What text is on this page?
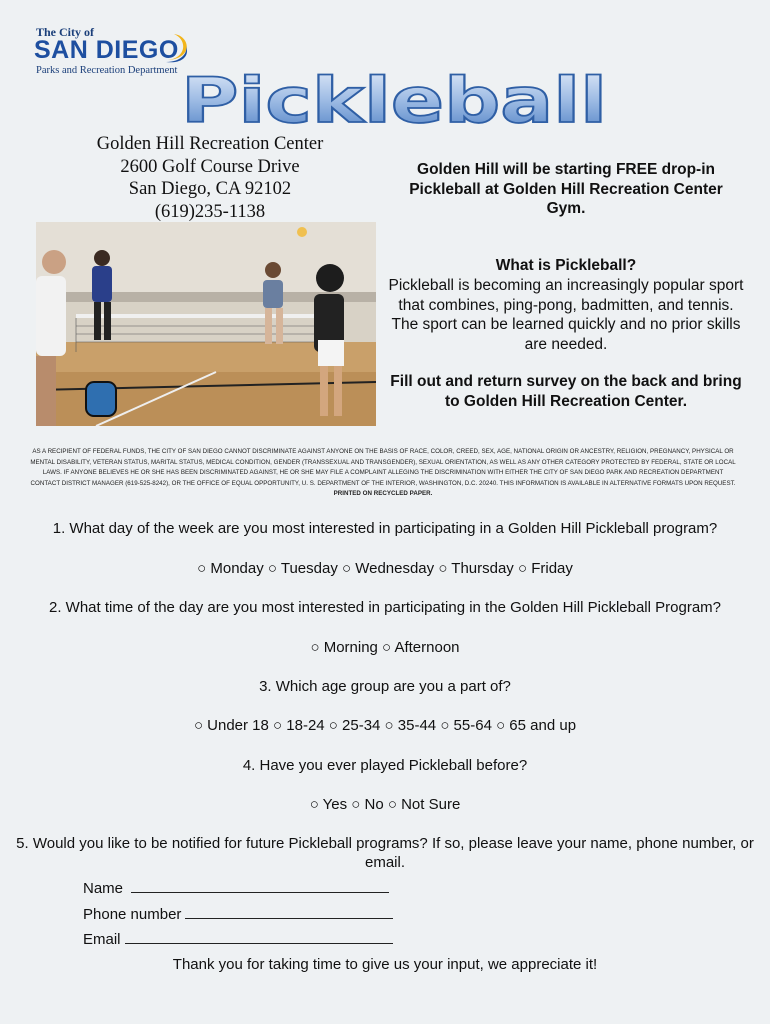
The City of
SAN DIEGO
Parks and Recreation Department Pickleball
Golden Hill Recreation Center
2600 Golf Course Drive
San Diego, CA 92102
(619)235-1138
Golden Hill will be starting FREE drop-in Pickleball at Golden Hill Recreation Center Gym.
What is Pickleball?
Pickleball is becoming an increasingly popular sport that combines, ping-pong, badmitten, and tennis. The sport can be learned quickly and no prior skills are needed.
Fill out and return survey on the back and bring to Golden Hill Recreation Center.
AS A RECIPIENT OF FEDERAL FUNDS, THE CITY OF SAN DIEGO CANNOT DISCRIMINATE AGAINST ANYONE ON THE BASIS OF RACE, COLOR, CREED, SEX, AGE, NATIONAL ORIGIN OR ANCESTRY, RELIGION, PREGNANCY, PHYSICAL OR MENTAL DISABILITY, VETERAN STATUS, MARITAL STATUS, MEDICAL CONDITION, GENDER (TRANSSEXUAL AND TRANSGENDER), SEXUAL ORIENTATION, AS WELL AS ANY OTHER CATEGORY PROTECTED BY FEDERAL, STATE OR LOCAL LAWS. IF ANYONE BELIEVES HE OR SHE HAS BEEN DISCRIMINATED AGAINST, HE OR SHE MAY FILE A COMPLAINT ALLEGING THE DISCRIMINATION WITH EITHER THE CITY OF SAN DIEGO PARK AND RECREATION DEPARTMENT CONTACT DISTRICT MANAGER (619-525-8242), OR THE OFFICE OF EQUAL OPPORTUNITY, U. S. DEPARTMENT OF THE INTERIOR, WASHINGTON, D.C. 20240. THIS INFORMATION IS AVAILABLE IN ALTERNATIVE FORMATS UPON REQUEST. PRINTED ON RECYCLED PAPER.
1. What day of the week are you most interested in participating in a Golden Hill Pickleball program?
○ Monday ○ Tuesday ○ Wednesday ○ Thursday ○ Friday
2. What time of the day are you most interested in participating in the Golden Hill Pickleball Program?
○ Morning ○ Afternoon
3. Which age group are you a part of?
○ Under 18 ○ 18-24 ○ 25-34 ○ 35-44 ○ 55-64 ○ 65 and up
4. Have you ever played Pickleball before?
○ Yes ○ No ○ Not Sure
5. Would you like to be notified for future Pickleball programs? If so, please leave your name, phone number, or email.
Name
Phone number
Email
Thank you for taking time to give us your input, we appreciate it!
